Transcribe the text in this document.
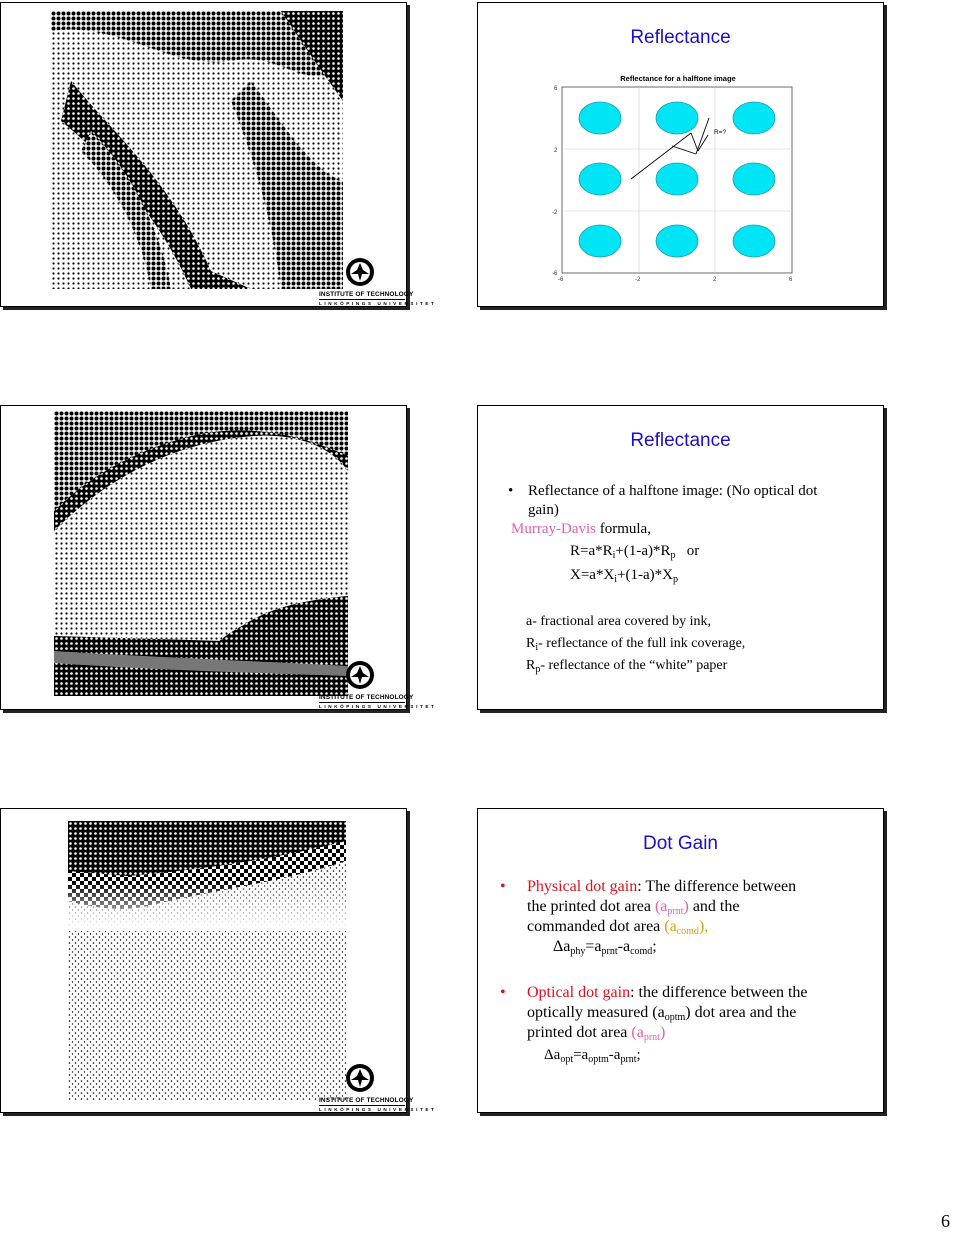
INSTITUTE OF TECHNOLOGY
LINKÖPINGS UNIVERSITET
INSTITUTE OF TECHNOLOGY
LINKÖPINGS UNIVERSITET
INSTITUTE OF TECHNOLOGY
LINKÖPINGS UNIVERSITET
Reflectance
Reflectance for a halftone image
6
2
-2
-6
-6	-2	2	6
R=?
Reflectance
• Reflectance of a halftone image: (No optical dot
gain)
Murray-Davis formula,
$R=a*R_i+(1-a)*R_p$   or
$X=a*X_i+(1-a)*X_p$
a- fractional area covered by ink,
$R_i-$ reflectance of the full ink coverage,
$R_p-$ reflectance of the “white” paper
Dot Gain
• Physical dot gain: The difference between
the printed dot area $(a_{prnt})$ and the
commanded dot area $(a_{comd})$,
$\Delta a_{phy}=a_{prnt}-a_{comd}$;
• Optical dot gain: the difference between the
optically measured $(a_{optm})$ dot area and the
printed dot area $(a_{prnt})$
$\Delta a_{opt}=a_{optm}-a_{prnt}$;
6
